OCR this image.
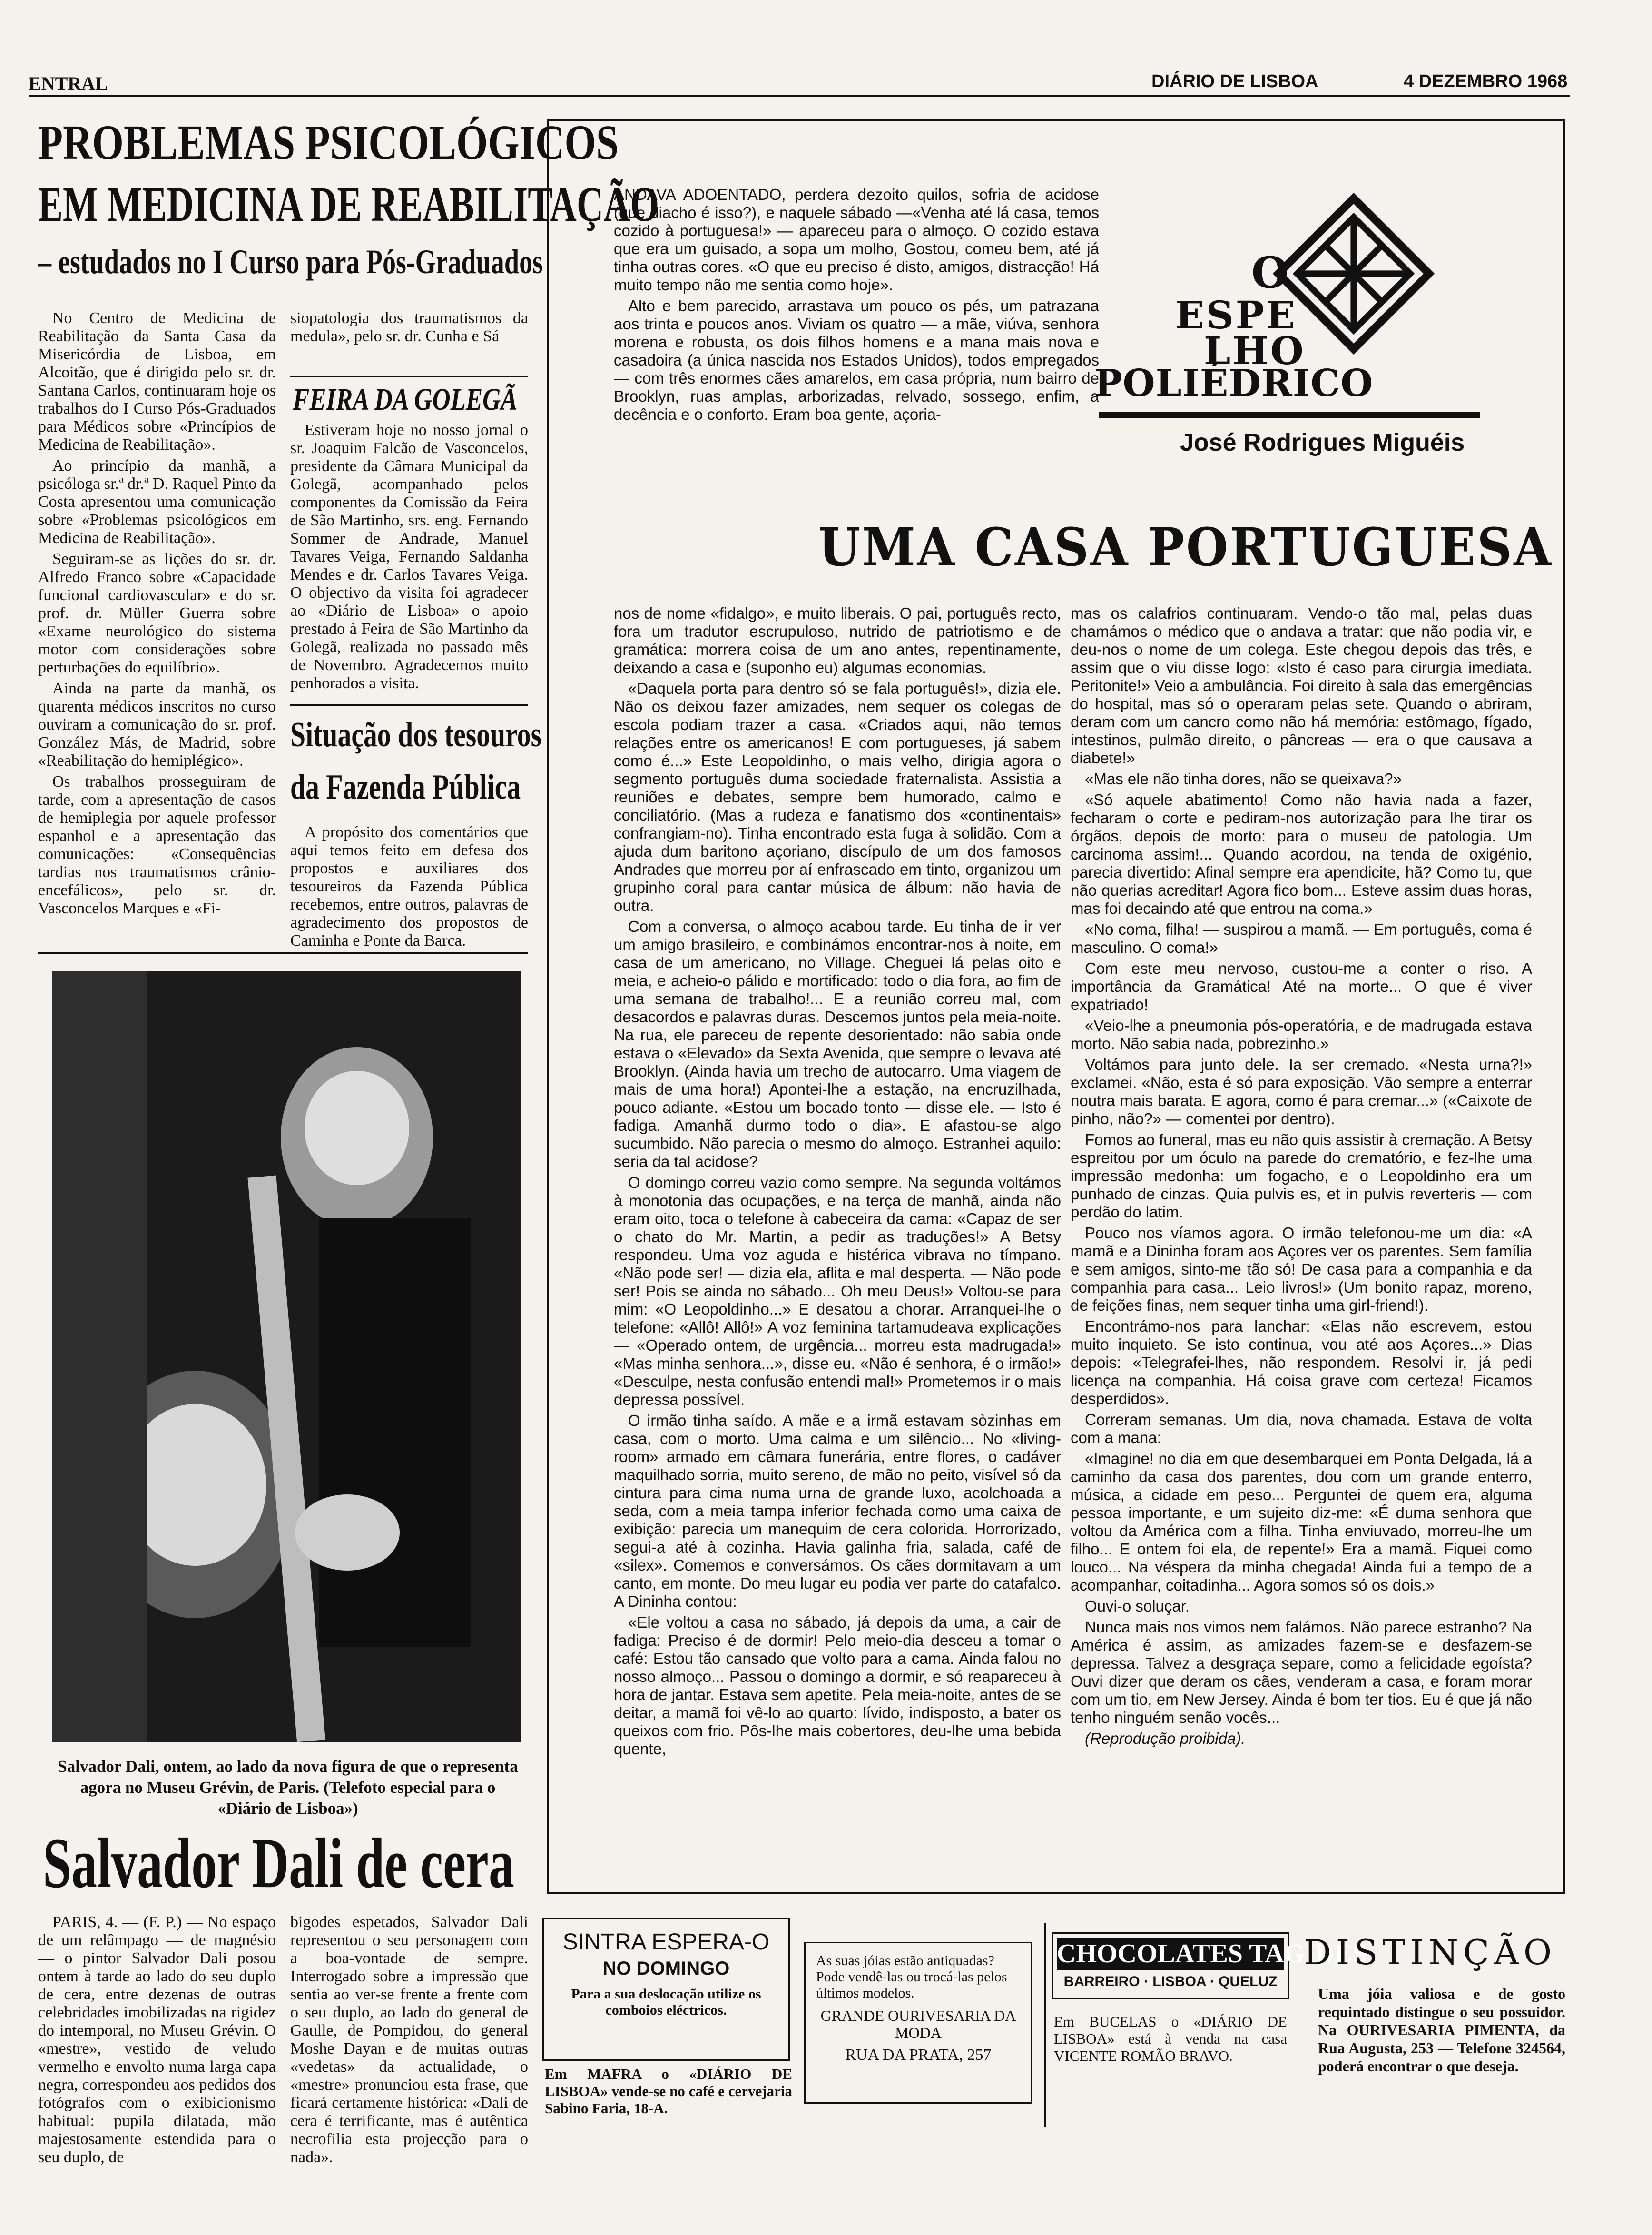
ENTRAL	DIÁRIO DE LISBOA	4 DEZEMBRO 1968
PROBLEMAS PSICOLÓGICOS
EM MEDICINA DE REABILITAÇÃO
– estudados no I Curso para Pós-Graduados

No Centro de Medicina de Reabilitação da Santa Casa da Misericórdia de Lisboa, em Alcoitão, que é dirigido pelo sr. dr. Santana Carlos, continuaram hoje os trabalhos do I Curso Pós-Graduados para Médicos sobre «Princípios de Medicina de Reabilitação».

Ao princípio da manhã, a psicóloga sr.ª dr.ª D. Raquel Pinto da Costa apresentou uma comunicação sobre «Problemas psicológicos em Medicina de Reabilitação».

Seguiram-se as lições do sr. dr. Alfredo Franco sobre «Capacidade funcional cardiovascular» e do sr. prof. dr. Müller Guerra sobre «Exame neurológico do sistema motor com considerações sobre perturbações do equilíbrio».

Ainda na parte da manhã, os quarenta médicos inscritos no curso ouviram a comunicação do sr. prof. González Más, de Madrid, sobre «Reabilitação do hemiplégico».

Os trabalhos prosseguiram de tarde, com a apresentação de casos de hemiplegia por aquele professor espanhol e a apresentação das comunicações: «Consequências tardias nos traumatismos crânio-encefálicos», pelo sr. dr. Vasconcelos Marques e «Fi-

siopatologia dos traumatismos da medula», pelo sr. dr. Cunha e Sá

FEIRA DA GOLEGÃ

Estiveram hoje no nosso jornal o sr. Joaquim Falcão de Vasconcelos, presidente da Câmara Municipal da Golegã, acompanhado pelos componentes da Comissão da Feira de São Martinho, srs. eng. Fernando Sommer de Andrade, Manuel Tavares Veiga, Fernando Saldanha Mendes e dr. Carlos Tavares Veiga. O objectivo da visita foi agradecer ao «Diário de Lisboa» o apoio prestado à Feira de São Martinho da Golegã, realizada no passado mês de Novembro. Agradecemos muito penhorados a visita.

Situação dos tesouros
da Fazenda Pública

A propósito dos comentários que aqui temos feito em defesa dos propostos e auxiliares dos tesoureiros da Fazenda Pública recebemos, entre outros, palavras de agradecimento dos propostos de Caminha e Ponte da Barca.

Salvador Dali, ontem, ao lado da nova figura de que o representa agora no Museu Grévin, de Paris. (Telefoto especial para o «Diário de Lisboa»)
Salvador Dali de cera

PARIS, 4. — (F. P.) — No espaço de um relâmpago — de magnésio — o pintor Salvador Dali posou ontem à tarde ao lado do seu duplo de cera, entre dezenas de outras celebridades imobilizadas na rigidez do intemporal, no Museu Grévin. O «mestre», vestido de veludo vermelho e envolto numa larga capa negra, correspondeu aos pedidos dos fotógrafos com o exibicionismo habitual: pupila dilatada, mão majestosamente estendida para o seu duplo, de

bigodes espetados, Salvador Dali representou o seu personagem com a boa-vontade de sempre. Interrogado sobre a impressão que sentia ao ver-se frente a frente com o seu duplo, ao lado do general de Gaulle, de Pompidou, do general Moshe Dayan e de muitas outras «vedetas» da actualidade, o «mestre» pronunciou esta frase, que ficará certamente histórica: «Dali de cera é terrificante, mas é autêntica necrofilia esta projecção para o nada».

ANDAVA ADOENTADO, perdera dezoito quilos, sofria de acidose (que diacho é isso?), e naquele sábado —«Venha até lá casa, temos cozido à portuguesa!» — apareceu para o almoço. O cozido estava que era um guisado, a sopa um molho, Gostou, comeu bem, até já tinha outras cores. «O que eu preciso é disto, amigos, distracção! Há muito tempo não me sentia como hoje».

Alto e bem parecido, arrastava um pouco os pés, um patrazana aos trinta e poucos anos. Viviam os quatro — a mãe, viúva, senhora morena e robusta, os dois filhos homens e a mana mais nova e casadoira (a única nascida nos Estados Unidos), todos empregados — com três enormes cães amarelos, em casa própria, num bairro de Brooklyn, ruas amplas, arborizadas, relvado, sossego, enfim, a decência e o conforto. Eram boa gente, açoria-

O
ESPE
LHO
POLIÉDRICO
José Rodrigues Miguéis
UMA CASA PORTUGUESA

nos de nome «fidalgo», e muito liberais. O pai, português recto, fora um tradutor escrupuloso, nutrido de patriotismo e de gramática: morrera coisa de um ano antes, repentinamente, deixando a casa e (suponho eu) algumas economias.

«Daquela porta para dentro só se fala português!», dizia ele. Não os deixou fazer amizades, nem sequer os colegas de escola podiam trazer a casa. «Criados aqui, não temos relações entre os americanos! E com portugueses, já sabem como é...» Este Leopoldinho, o mais velho, dirigia agora o segmento português duma sociedade fraternalista. Assistia a reuniões e debates, sempre bem humorado, calmo e conciliatório. (Mas a rudeza e fanatismo dos «continentais» confrangiam-no). Tinha encontrado esta fuga à solidão. Com a ajuda dum baritono açoriano, discípulo de um dos famosos Andrades que morreu por aí enfrascado em tinto, organizou um grupinho coral para cantar música de álbum: não havia de outra.

Com a conversa, o almoço acabou tarde. Eu tinha de ir ver um amigo brasileiro, e combinámos encontrar-nos à noite, em casa de um americano, no Village. Cheguei lá pelas oito e meia, e acheio-o pálido e mortificado: todo o dia fora, ao fim de uma semana de trabalho!... E a reunião correu mal, com desacordos e palavras duras. Descemos juntos pela meia-noite. Na rua, ele pareceu de repente desorientado: não sabia onde estava o «Elevado» da Sexta Avenida, que sempre o levava até Brooklyn. (Ainda havia um trecho de autocarro. Uma viagem de mais de uma hora!) Apontei-lhe a estação, na encruzilhada, pouco adiante. «Estou um bocado tonto — disse ele. — Isto é fadiga. Amanhã durmo todo o dia». E afastou-se algo sucumbido. Não parecia o mesmo do almoço. Estranhei aquilo: seria da tal acidose?

O domingo correu vazio como sempre. Na segunda voltámos à monotonia das ocupações, e na terça de manhã, ainda não eram oito, toca o telefone à cabeceira da cama: «Capaz de ser o chato do Mr. Martin, a pedir as traduções!» A Betsy respondeu. Uma voz aguda e histérica vibrava no tímpano. «Não pode ser! — dizia ela, aflita e mal desperta. — Não pode ser! Pois se ainda no sábado... Oh meu Deus!» Voltou-se para mim: «O Leopoldinho...» E desatou a chorar. Arranquei-lhe o telefone: «Allô! Allô!» A voz feminina tartamudeava explicações — «Operado ontem, de urgência... morreu esta madrugada!» «Mas minha senhora...», disse eu. «Não é senhora, é o irmão!» «Desculpe, nesta confusão entendi mal!» Prometemos ir o mais depressa possível.

O irmão tinha saído. A mãe e a irmã estavam sòzinhas em casa, com o morto. Uma calma e um silêncio... No «living-room» armado em câmara funerária, entre flores, o cadáver maquilhado sorria, muito sereno, de mão no peito, visível só da cintura para cima numa urna de grande luxo, acolchoada a seda, com a meia tampa inferior fechada como uma caixa de exibição: parecia um manequim de cera colorida. Horrorizado, segui-a até à cozinha. Havia galinha fria, salada, café de «silex». Comemos e conversámos. Os cães dormitavam a um canto, em monte. Do meu lugar eu podia ver parte do catafalco. A Dininha contou:

«Ele voltou a casa no sábado, já depois da uma, a cair de fadiga: Preciso é de dormir! Pelo meio-dia desceu a tomar o café: Estou tão cansado que volto para a cama. Ainda falou no nosso almoço... Passou o domingo a dormir, e só reapareceu à hora de jantar. Estava sem apetite. Pela meia-noite, antes de se deitar, a mamã foi vê-lo ao quarto: lívido, indisposto, a bater os queixos com frio. Pôs-lhe mais cobertores, deu-lhe uma bebida quente,

mas os calafrios continuaram. Vendo-o tão mal, pelas duas chamámos o médico que o andava a tratar: que não podia vir, e deu-nos o nome de um colega. Este chegou depois das três, e assim que o viu disse logo: «Isto é caso para cirurgia imediata. Peritonite!» Veio a ambulância. Foi direito à sala das emergências do hospital, mas só o operaram pelas sete. Quando o abriram, deram com um cancro como não há memória: estômago, fígado, intestinos, pulmão direito, o pâncreas — era o que causava a diabete!»

«Mas ele não tinha dores, não se queixava?»

«Só aquele abatimento! Como não havia nada a fazer, fecharam o corte e pediram-nos autorização para lhe tirar os órgãos, depois de morto: para o museu de patologia. Um carcinoma assim!... Quando acordou, na tenda de oxigénio, parecia divertido: Afinal sempre era apendicite, hã? Como tu, que não querias acreditar! Agora fico bom... Esteve assim duas horas, mas foi decaindo até que entrou na coma.»

«No coma, filha! — suspirou a mamã. — Em português, coma é masculino. O coma!»

Com este meu nervoso, custou-me a conter o riso. A importância da Gramática! Até na morte... O que é viver expatriado!

«Veio-lhe a pneumonia pós-operatória, e de madrugada estava morto. Não sabia nada, pobrezinho.»

Voltámos para junto dele. Ia ser cremado. «Nesta urna?!» exclamei. «Não, esta é só para exposição. Vão sempre a enterrar noutra mais barata. E agora, como é para cremar...» («Caixote de pinho, não?» — comentei por dentro).

Fomos ao funeral, mas eu não quis assistir à cremação. A Betsy espreitou por um óculo na parede do crematório, e fez-lhe uma impressão medonha: um fogacho, e o Leopoldinho era um punhado de cinzas. Quia pulvis es, et in pulvis reverteris — com perdão do latim.

Pouco nos víamos agora. O irmão telefonou-me um dia: «A mamã e a Dininha foram aos Açores ver os parentes. Sem família e sem amigos, sinto-me tão só! De casa para a companhia e da companhia para casa... Leio livros!» (Um bonito rapaz, moreno, de feições finas, nem sequer tinha uma girl-friend!).

Encontrámo-nos para lanchar: «Elas não escrevem, estou muito inquieto. Se isto continua, vou até aos Açores...» Dias depois: «Telegrafei-lhes, não respondem. Resolvi ir, já pedi licença na companhia. Há coisa grave com certeza! Ficamos desperdidos».

Correram semanas. Um dia, nova chamada. Estava de volta com a mana:

«Imagine! no dia em que desembarquei em Ponta Delgada, lá a caminho da casa dos parentes, dou com um grande enterro, música, a cidade em peso... Perguntei de quem era, alguma pessoa importante, e um sujeito diz-me: «É duma senhora que voltou da América com a filha. Tinha enviuvado, morreu-lhe um filho... E ontem foi ela, de repente!» Era a mamã. Fiquei como louco... Na véspera da minha chegada! Ainda fui a tempo de a acompanhar, coitadinha... Agora somos só os dois.»

Ouvi-o soluçar.

Nunca mais nos vimos nem falámos. Não parece estranho? Na América é assim, as amizades fazem-se e desfazem-se depressa. Talvez a desgraça separe, como a felicidade egoísta? Ouvi dizer que deram os cães, venderam a casa, e foram morar com um tio, em New Jersey. Ainda é bom ter tios. Eu é que já não tenho ninguém senão vocês...

(Reprodução proibida).

SINTRA ESPERA-O
NO DOMINGO
Para a sua deslocação utilize os comboios eléctricos.
Em MAFRA o «DIÁRIO DE LISBOA» vende-se no café e cervejaria Sabino Faria, 18-A.
As suas jóias estão antiquadas? Pode vendê-las ou trocá-las pelos últimos modelos.
GRANDE OURIVESARIA DA MODA
RUA DA PRATA, 257
CHOCOLATES TAGIDES
BARREIRO · LISBOA · QUELUZ
Em BUCELAS o «DIÁRIO DE LISBOA» está à venda na casa VICENTE ROMÃO BRAVO.
DISTINÇÃO
Uma jóia valiosa e de gosto requintado distingue o seu possuidor. Na OURIVESARIA PIMENTA, da Rua Augusta, 253 — Telefone 324564, poderá encontrar o que deseja.
